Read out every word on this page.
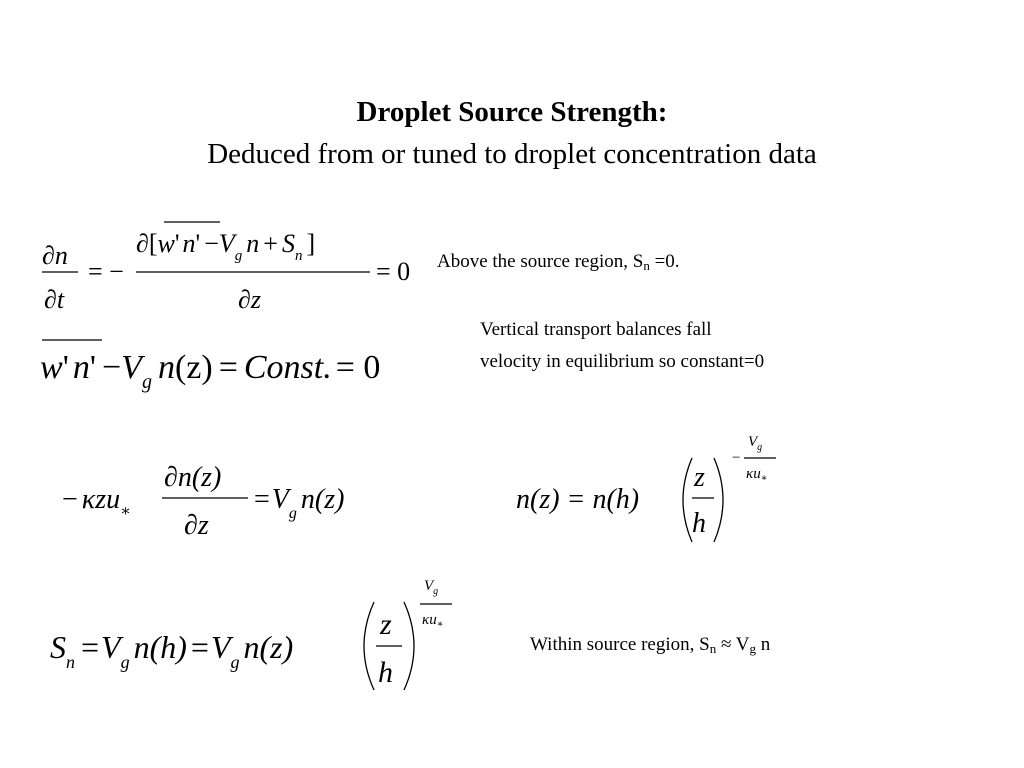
Droplet Source Strength:
Deduced from or tuned to droplet concentration data
∂n
∂t
= −
∂[w' $n' -V_g$ $n + S_n$ ]
∂z
= 0 Above the source region, $S_n =0$.
w' $n' -V_g$ n(z) = Const. = 0
Vertical transport balances fall
velocity in equilibrium so constant=0
− κzu$_∗$
∂n(z)
∂z
$=V_g$ n(z)	n(z) = n(h)
z
h
−
$V_g$
$\kappa u_∗$
$S_n =V_g$ $n(h) =V_g$ n(z)
z
h
$V_g$
$\kappa u_∗$
Within source region, $S_n \approx V_g$ n
